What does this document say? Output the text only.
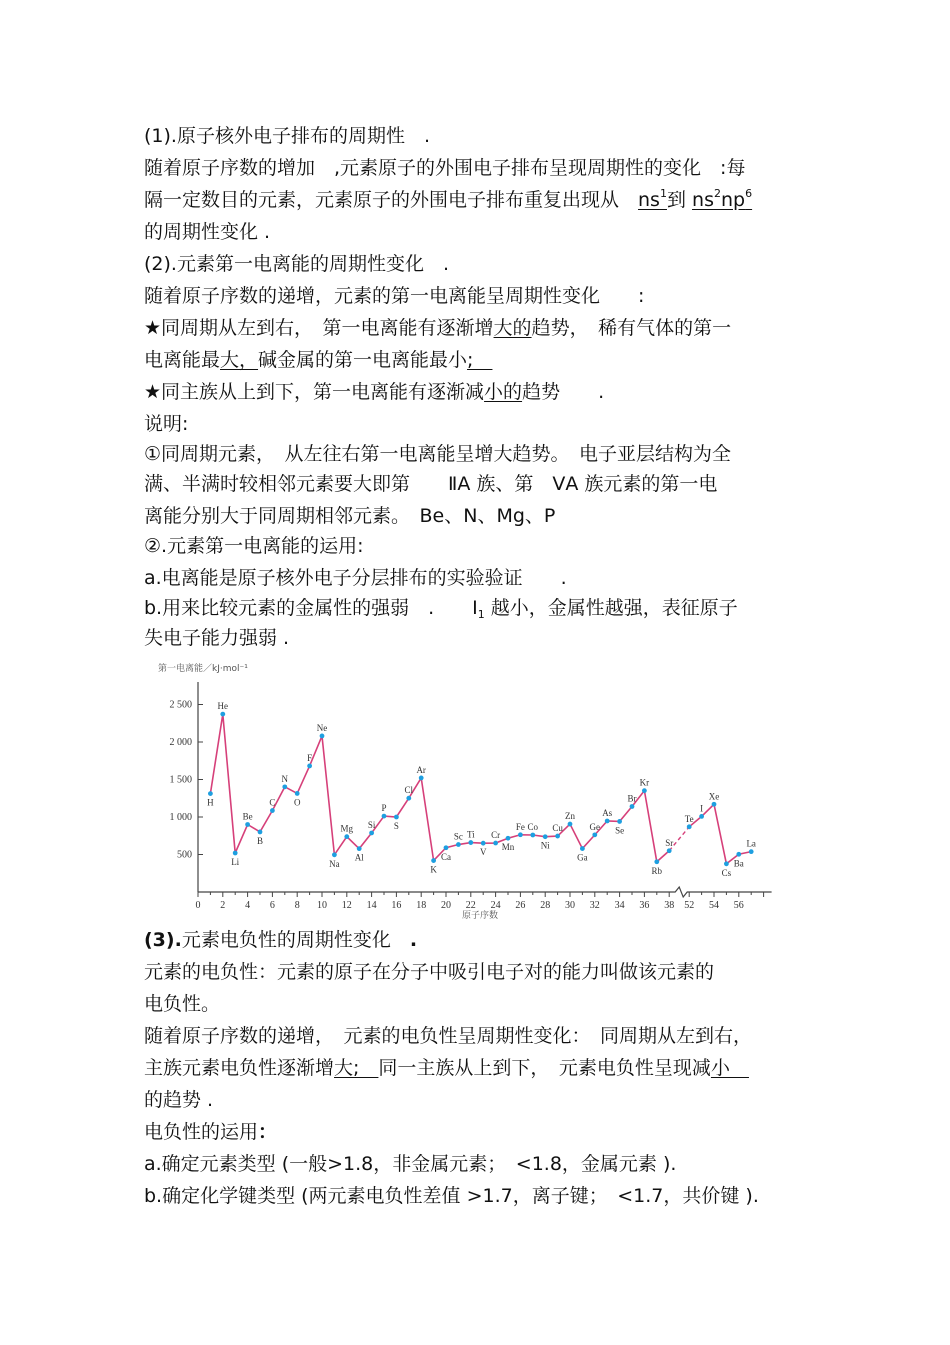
(1).原子核外电子排布的周期性　.
随着原子序数的增加　,元素原子的外围电子排布呈现周期性的变化　:每
隔一定数目的元素，元素原子的外围电子排布重复出现从　$ns^1$到 $ns^2np^6$
的周期性变化 .
(2).元素第一电离能的周期性变化　.
随着原子序数的递增，元素的第一电离能呈周期性变化　　:
★同周期从左到右，　第一电离能有逐渐增大的趋势，　稀有气体的第一
电离能最大，碱金属的第一电离能最小;　
★同主族从上到下，第一电离能有逐渐减小的趋势　　.
说明:
①同周期元素，　从左往右第一电离能呈增大趋势。　电子亚层结构为全
满、半满时较相邻元素要大即第　　ⅡA 族、第　ⅤA 族元素的第一电
离能分别大于同周期相邻元素。　Be、N、Mg、P
②.元素第一电离能的运用:
a.电离能是原子核外电子分层排布的实验验证　　.
b.用来比较元素的金属性的强弱　.　　$I_1$ 越小，金属性越强，表征原子
失电子能力强弱 .
第一电离能／kJ·mol⁻¹
500
1 000
1 500
2 000
2 500
0 2 4 6 8 10 12 14 16 18 20 22 24 26 28 30 32 34 36 38 52 54 56
H
He
Li
Be
B
C
N
O
F
Ne
Na
Mg
Al
Si
P
S
Cl
Ar
K
Ca
Sc Ti
V
Cr
Mn
Fe Co
Ni
Cu
Zn
Ga
Ge
As
Se
Br
Kr
Rb
Sr
Te
I
Xe
Cs
Ba
La
原子序数
(3).元素电负性的周期性变化　.
元素的电负性：元素的原子在分子中吸引电子对的能力叫做该元素的
电负性。
随着原子序数的递增，　元素的电负性呈周期性变化：　同周期从左到右，
主族元素电负性逐渐增大;　同一主族从上到下，　元素电负性呈现减小　
的趋势 .
电负性的运用：
a.确定元素类型 (一般>1.8，非金属元素；　<1.8，金属元素 ).
b.确定化学键类型 (两元素电负性差值 >1.7，离子键；　<1.7，共价键 ).
